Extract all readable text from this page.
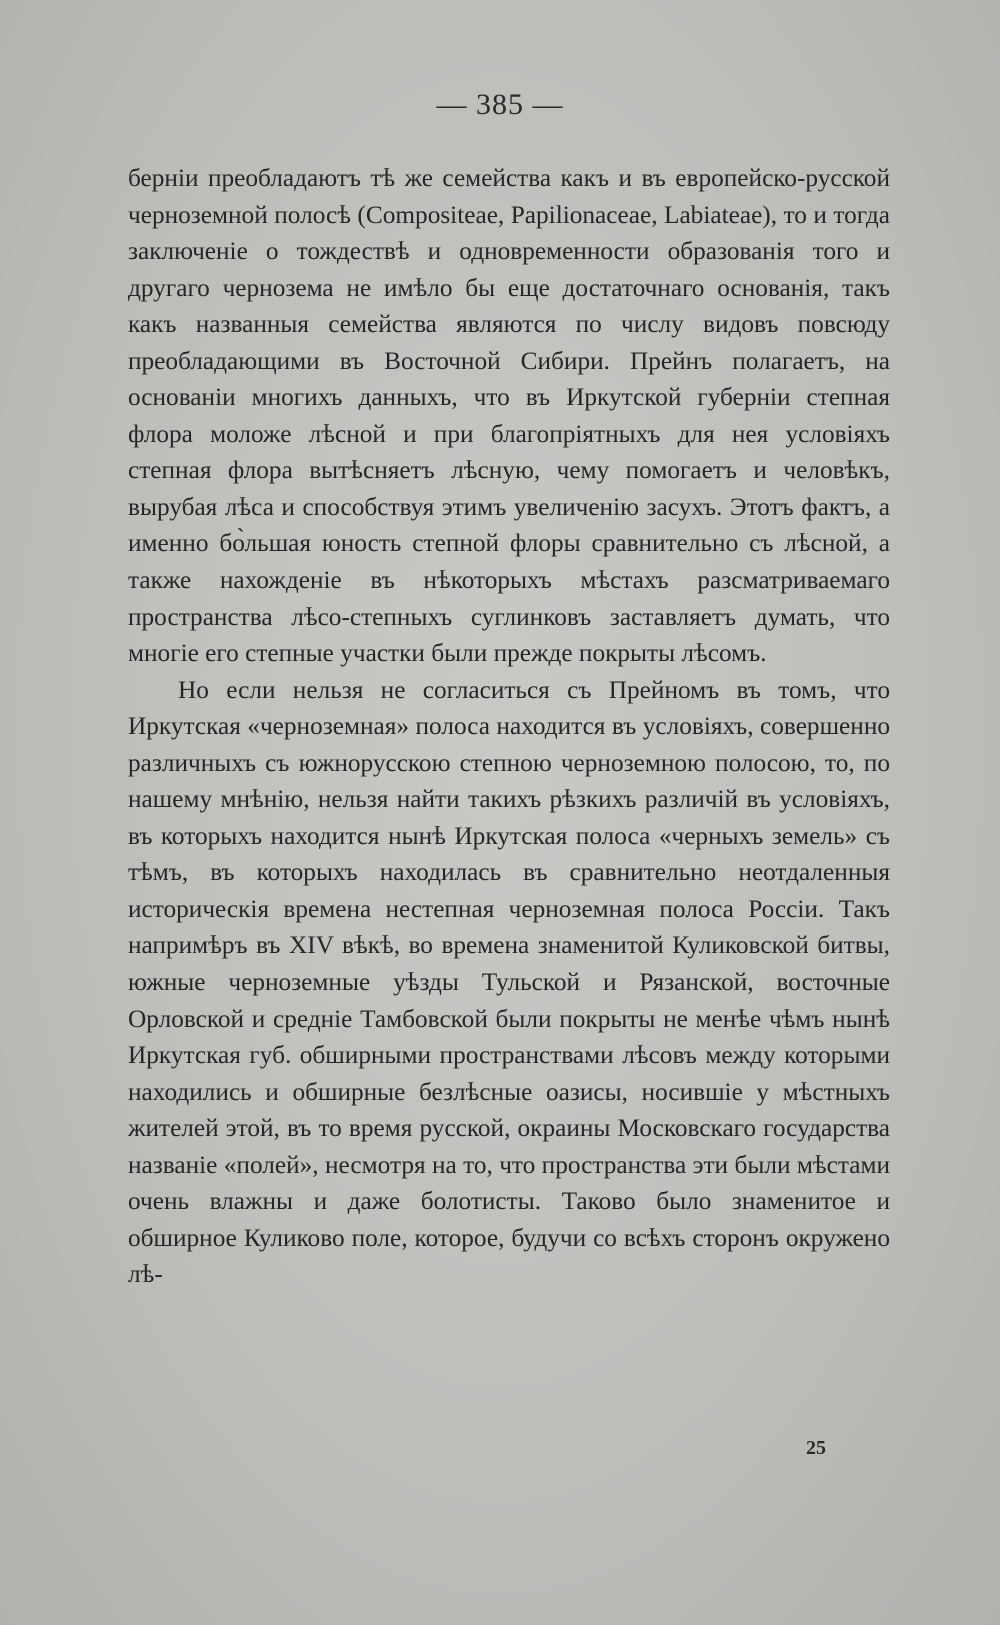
— 385 —

берніи преобладаютъ тѣ же семейства какъ и въ европейско-русской черноземной полосѣ (Compositeae, Papilionaceae, Labiateae), то и тогда заключеніе о тождествѣ и одновременности образованія того и другаго чернозема не имѣло бы еще достаточнаго основанія, такъ какъ названныя семейства являются по числу видовъ повсюду преобладающими въ Восточной Сибири. Прейнъ полагаетъ, на основаніи многихъ данныхъ, что въ Иркутской губерніи степная флора моложе лѣсной и при благопріятныхъ для нея условіяхъ степная флора вытѣсняетъ лѣсную, чему помогаетъ и человѣкъ, вырубая лѣса и способствуя этимъ увеличенію засухъ. Этотъ фактъ, а именно бо̀льшая юность степной флоры сравнительно съ лѣсной, а также нахожденіе въ нѣкоторыхъ мѣстахъ разсматриваемаго пространства лѣсо-степныхъ суглинковъ заставляетъ думать, что многіе его степные участки были прежде покрыты лѣсомъ.

Но если нельзя не согласиться съ Прейномъ въ томъ, что Иркутская «черноземная» полоса находится въ условіяхъ, совершенно различныхъ съ южнорусскою степною черноземною полосою, то, по нашему мнѣнію, нельзя найти такихъ рѣзкихъ различій въ условіяхъ, въ которыхъ находится нынѣ Иркутская полоса «черныхъ земель» съ тѣмъ, въ которыхъ находилась въ сравнительно неотдаленныя историческія времена нестепная черноземная полоса Россіи. Такъ напримѣръ въ XIV вѣкѣ, во времена знаменитой Куликовской битвы, южные черноземные уѣзды Тульской и Рязанской, восточные Орловской и средніе Тамбовской были покрыты не менѣе чѣмъ нынѣ Иркутская губ. обширными пространствами лѣсовъ между которыми находились и обширные безлѣсные оазисы, носившіе у мѣстныхъ жителей этой, въ то время русской, окраины Московскаго государства названіе «полей», несмотря на то, что пространства эти были мѣстами очень влажны и даже болотисты. Таково было знаменитое и обширное Куликово поле, которое, будучи со всѣхъ сторонъ окружено лѣ-

25
